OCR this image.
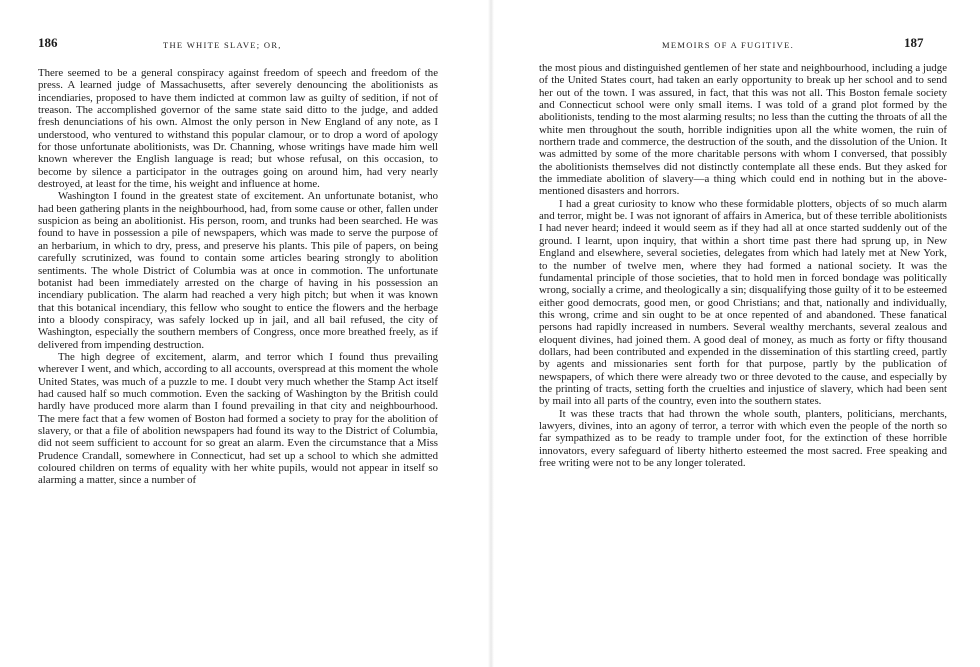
186	THE WHITE SLAVE; OR,

There seemed to be a general conspiracy against freedom of speech and freedom of the press. A learned judge of Massachusetts, after severely denouncing the abolitionists as incendiaries, proposed to have them indicted at common law as guilty of sedition, if not of treason. The accomplished governor of the same state said ditto to the judge, and added fresh denunciations of his own. Almost the only person in New England of any note, as I understood, who ventured to withstand this popular clamour, or to drop a word of apology for those unfortunate abolitionists, was Dr. Channing, whose writings have made him well known wherever the English language is read; but whose refusal, on this occasion, to become by silence a participator in the outrages going on around him, had very nearly destroyed, at least for the time, his weight and influence at home.

Washington I found in the greatest state of excitement. An unfortunate botanist, who had been gathering plants in the neighbourhood, had, from some cause or other, fallen under suspicion as being an abolitionist. His person, room, and trunks had been searched. He was found to have in possession a pile of newspapers, which was made to serve the purpose of an herbarium, in which to dry, press, and preserve his plants. This pile of papers, on being carefully scrutinized, was found to contain some articles bearing strongly to abolition sentiments. The whole District of Columbia was at once in commotion. The unfortunate botanist had been immediately arrested on the charge of having in his possession an incendiary publication. The alarm had reached a very high pitch; but when it was known that this botanical incendiary, this fellow who sought to entice the flowers and the herbage into a bloody conspiracy, was safely locked up in jail, and all bail refused, the city of Washington, especially the southern members of Congress, once more breathed freely, as if delivered from impending destruction.

The high degree of excitement, alarm, and terror which I found thus prevailing wherever I went, and which, according to all accounts, overspread at this moment the whole United States, was much of a puzzle to me. I doubt very much whether the Stamp Act itself had caused half so much commotion. Even the sacking of Washington by the British could hardly have produced more alarm than I found prevailing in that city and neighbourhood. The mere fact that a few women of Boston had formed a society to pray for the abolition of slavery, or that a file of abolition newspapers had found its way to the District of Columbia, did not seem sufficient to account for so great an alarm. Even the circumstance that a Miss Prudence Crandall, somewhere in Connecticut, had set up a school to which she admitted coloured children on terms of equality with her white pupils, would not appear in itself so alarming a matter, since a number of

MEMOIRS OF A FUGITIVE.	187

the most pious and distinguished gentlemen of her state and neighbourhood, including a judge of the United States court, had taken an early opportunity to break up her school and to send her out of the town. I was assured, in fact, that this was not all. This Boston female society and Connecticut school were only small items. I was told of a grand plot formed by the abolitionists, tending to the most alarming results; no less than the cutting the throats of all the white men throughout the south, horrible indignities upon all the white women, the ruin of northern trade and commerce, the destruction of the south, and the dissolution of the Union. It was admitted by some of the more charitable persons with whom I conversed, that possibly the abolitionists themselves did not distinctly contemplate all these ends. But they asked for the immediate abolition of slavery—a thing which could end in nothing but in the above-mentioned disasters and horrors.

I had a great curiosity to know who these formidable plotters, objects of so much alarm and terror, might be. I was not ignorant of affairs in America, but of these terrible abolitionists I had never heard; indeed it would seem as if they had all at once started suddenly out of the ground. I learnt, upon inquiry, that within a short time past there had sprung up, in New England and elsewhere, several societies, delegates from which had lately met at New York, to the number of twelve men, where they had formed a national society. It was the fundamental principle of those societies, that to hold men in forced bondage was politically wrong, socially a crime, and theologically a sin; disqualifying those guilty of it to be esteemed either good democrats, good men, or good Christians; and that, nationally and individually, this wrong, crime and sin ought to be at once repented of and abandoned. These fanatical persons had rapidly increased in numbers. Several wealthy merchants, several zealous and eloquent divines, had joined them. A good deal of money, as much as forty or fifty thousand dollars, had been contributed and expended in the dissemination of this startling creed, partly by agents and missionaries sent forth for that purpose, partly by the publication of newspapers, of which there were already two or three devoted to the cause, and especially by the printing of tracts, setting forth the cruelties and injustice of slavery, which had been sent by mail into all parts of the country, even into the southern states.

It was these tracts that had thrown the whole south, planters, politicians, merchants, lawyers, divines, into an agony of terror, a terror with which even the people of the north so far sympathized as to be ready to trample under foot, for the extinction of these horrible innovators, every safeguard of liberty hitherto esteemed the most sacred. Free speaking and free writing were not to be any longer tolerated.
